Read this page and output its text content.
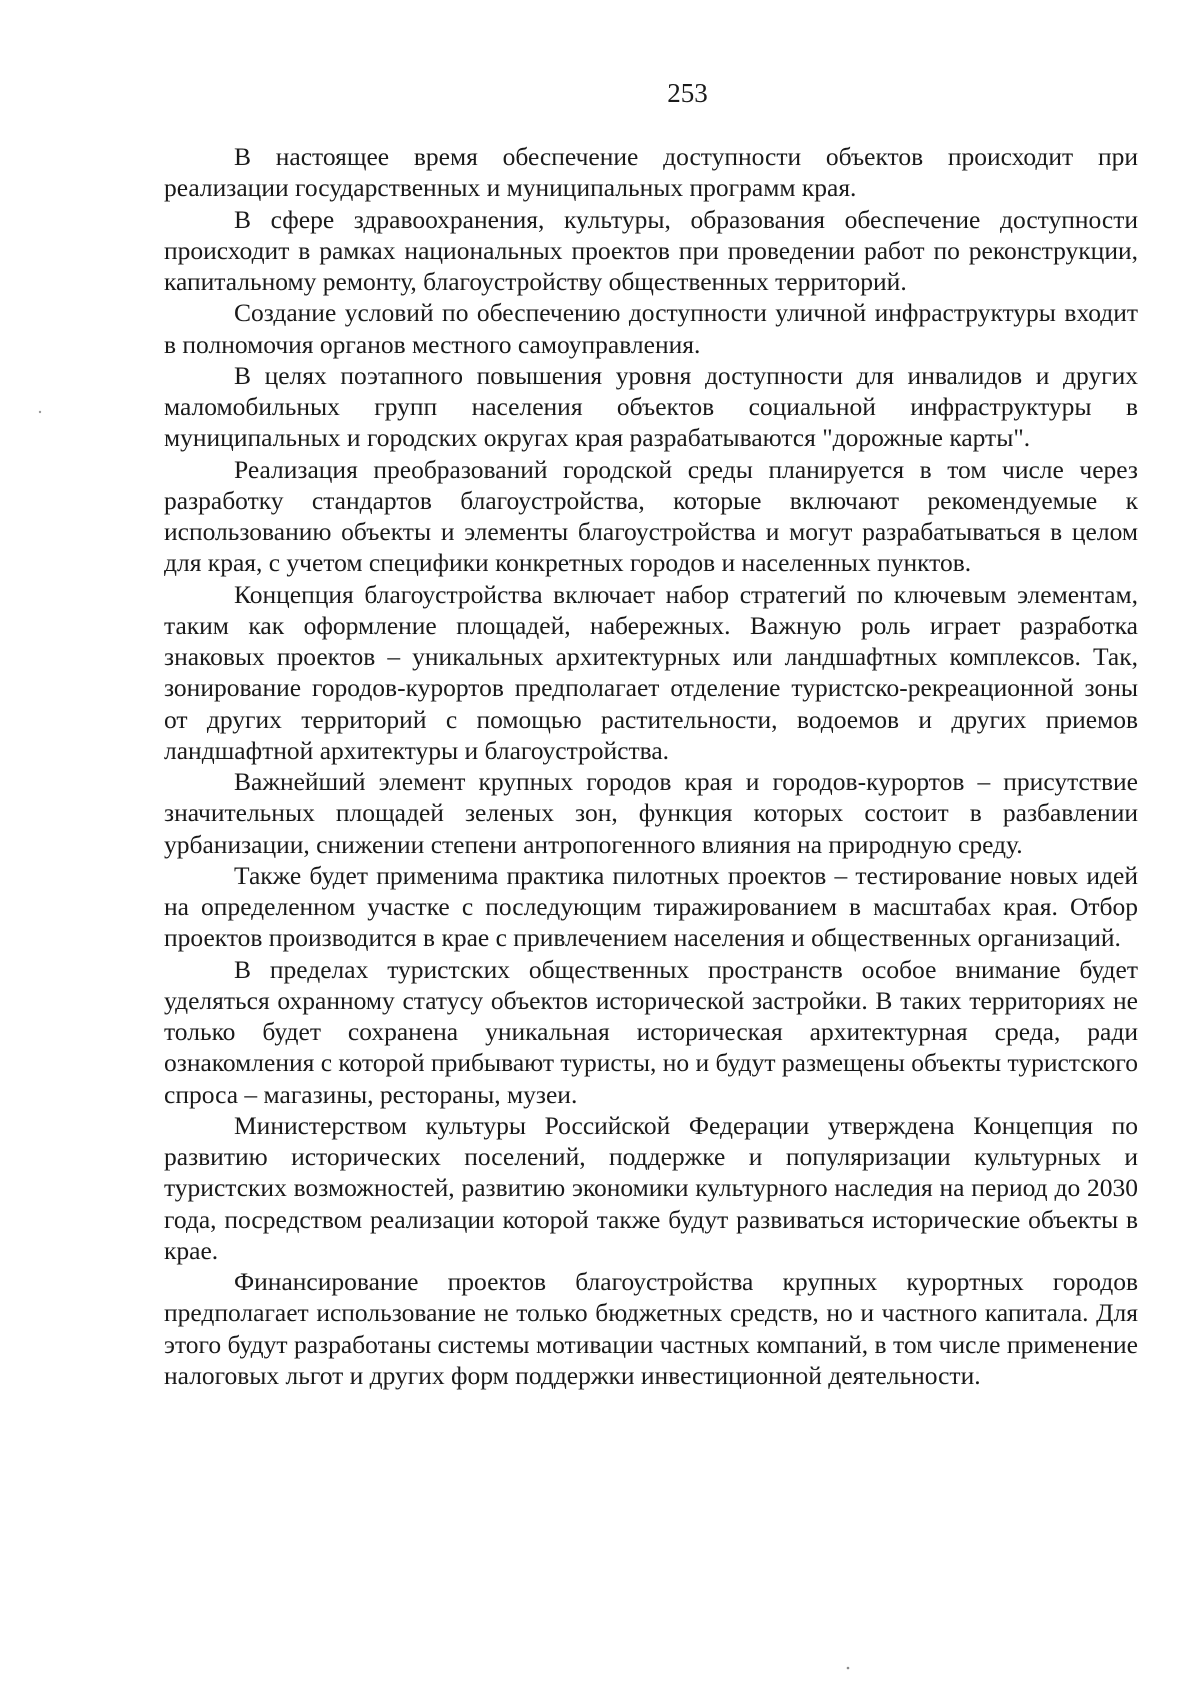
253

В настоящее время обеспечение доступности объектов происходит при реализации государственных и муниципальных программ края.

В сфере здравоохранения, культуры, образования обеспечение доступности происходит в рамках национальных проектов при проведении работ по реконструкции, капитальному ремонту, благоустройству общественных территорий.

Создание условий по обеспечению доступности уличной инфраструктуры входит в полномочия органов местного самоуправления.

В целях поэтапного повышения уровня доступности для инвалидов и других маломобильных групп населения объектов социальной инфраструктуры в муниципальных и городских округах края разрабатываются "дорожные карты".

Реализация преобразований городской среды планируется в том числе через разработку стандартов благоустройства, которые включают рекомендуемые к использованию объекты и элементы благоустройства и могут разрабатываться в целом для края, с учетом специфики конкретных городов и населенных пунктов.

Концепция благоустройства включает набор стратегий по ключевым элементам, таким как оформление площадей, набережных. Важную роль играет разработка знаковых проектов – уникальных архитектурных или ландшафтных комплексов. Так, зонирование городов-курортов предполагает отделение туристско-рекреационной зоны от других территорий с помощью растительности, водоемов и других приемов ландшафтной архитектуры и благоустройства.

Важнейший элемент крупных городов края и городов-курортов – присутствие значительных площадей зеленых зон, функция которых состоит в разбавлении урбанизации, снижении степени антропогенного влияния на природную среду.

Также будет применима практика пилотных проектов – тестирование новых идей на определенном участке с последующим тиражированием в масштабах края. Отбор проектов производится в крае с привлечением населения и общественных организаций.

В пределах туристских общественных пространств особое внимание будет уделяться охранному статусу объектов исторической застройки. В таких территориях не только будет сохранена уникальная историческая архитектурная среда, ради ознакомления с которой прибывают туристы, но и будут размещены объекты туристского спроса – магазины, рестораны, музеи.

Министерством культуры Российской Федерации утверждена Концепция по развитию исторических поселений, поддержке и популяризации культурных и туристских возможностей, развитию экономики культурного наследия на период до 2030 года, посредством реализации которой также будут развиваться исторические объекты в крае.

Финансирование проектов благоустройства крупных курортных городов предполагает использование не только бюджетных средств, но и частного капитала. Для этого будут разработаны системы мотивации частных компаний, в том числе применение налоговых льгот и других форм поддержки инвестиционной деятельности.
